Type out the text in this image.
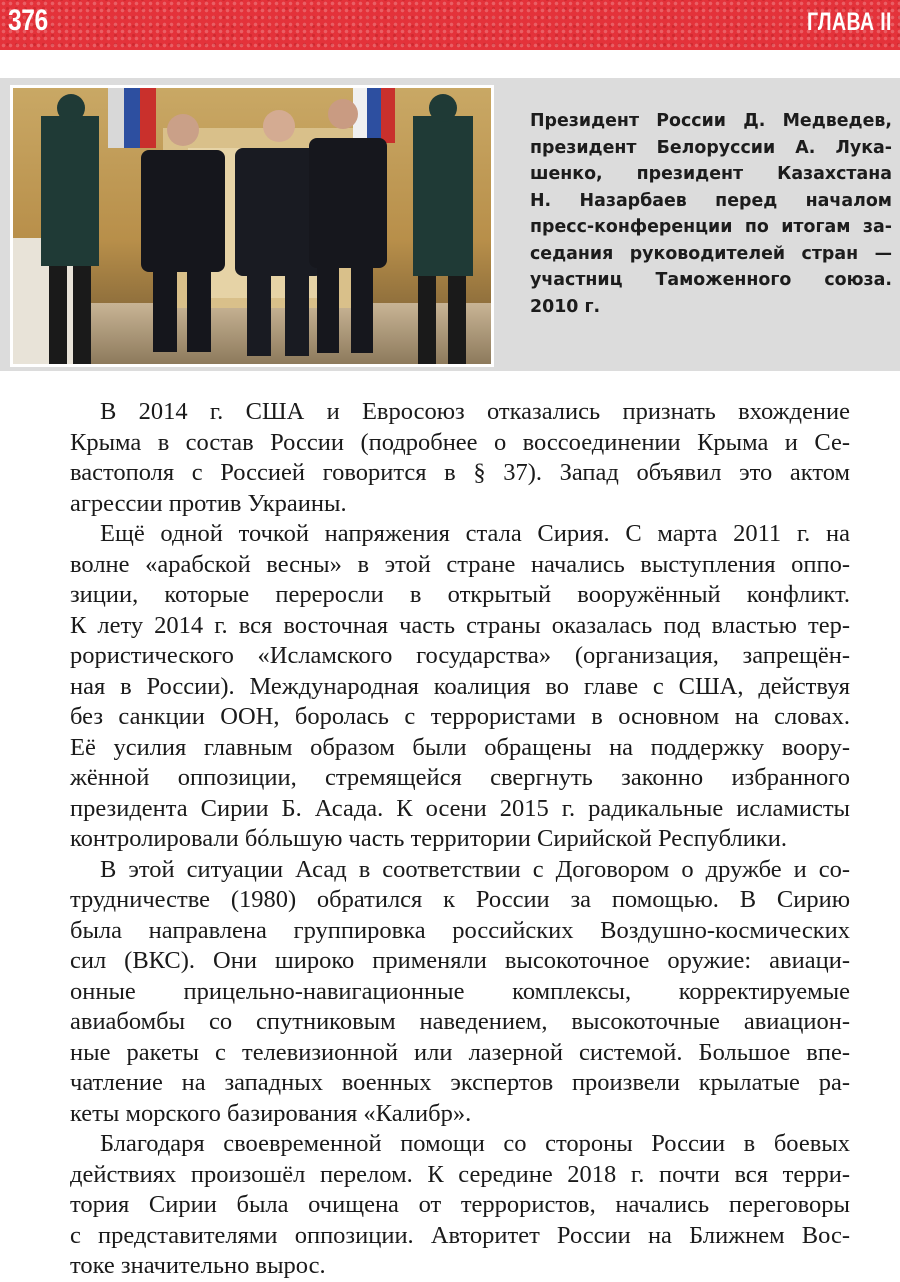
376	ГЛАВА II
Президент России Д. Медведев,
президент Белоруссии А. Лука-
шенко, президент Казахстана
Н. Назарбаев перед началом
пресс-конференции по итогам за-
седания руководителей стран —
участниц Таможенного союза.
2010 г.
В 2014 г. США и Евросоюз отказались признать вхождение
Крыма в состав России (подробнее о воссоединении Крыма и Се-
вастополя с Россией говорится в § 37). Запад объявил это актом
агрессии против Украины.
Ещё одной точкой напряжения стала Сирия. С марта 2011 г. на
волне «арабской весны» в этой стране начались выступления оппо-
зиции, которые переросли в открытый вооружённый конфликт.
К лету 2014 г. вся восточная часть страны оказалась под властью тер-
рористического «Исламского государства» (организация, запрещён-
ная в России). Международная коалиция во главе с США, действуя
без санкции ООН, боролась с террористами в основном на словах.
Её усилия главным образом были обращены на поддержку воору-
жённой оппозиции, стремящейся свергнуть законно избранного
президента Сирии Б. Асада. К осени 2015 г. радикальные исламисты
контролировали бóльшую часть территории Сирийской Республики.
В этой ситуации Асад в соответствии с Договором о дружбе и со-
трудничестве (1980) обратился к России за помощью. В Сирию
была направлена группировка российских Воздушно-космических
сил (ВКС). Они широко применяли высокоточное оружие: авиаци-
онные прицельно-навигационные комплексы, корректируемые
авиабомбы со спутниковым наведением, высокоточные авиацион-
ные ракеты с телевизионной или лазерной системой. Большое впе-
чатление на западных военных экспертов произвели крылатые ра-
кеты морского базирования «Калибр».
Благодаря своевременной помощи со стороны России в боевых
действиях произошёл перелом. К середине 2018 г. почти вся терри-
тория Сирии была очищена от террористов, начались переговоры
с представителями оппозиции. Авторитет России на Ближнем Вос-
токе значительно вырос.
